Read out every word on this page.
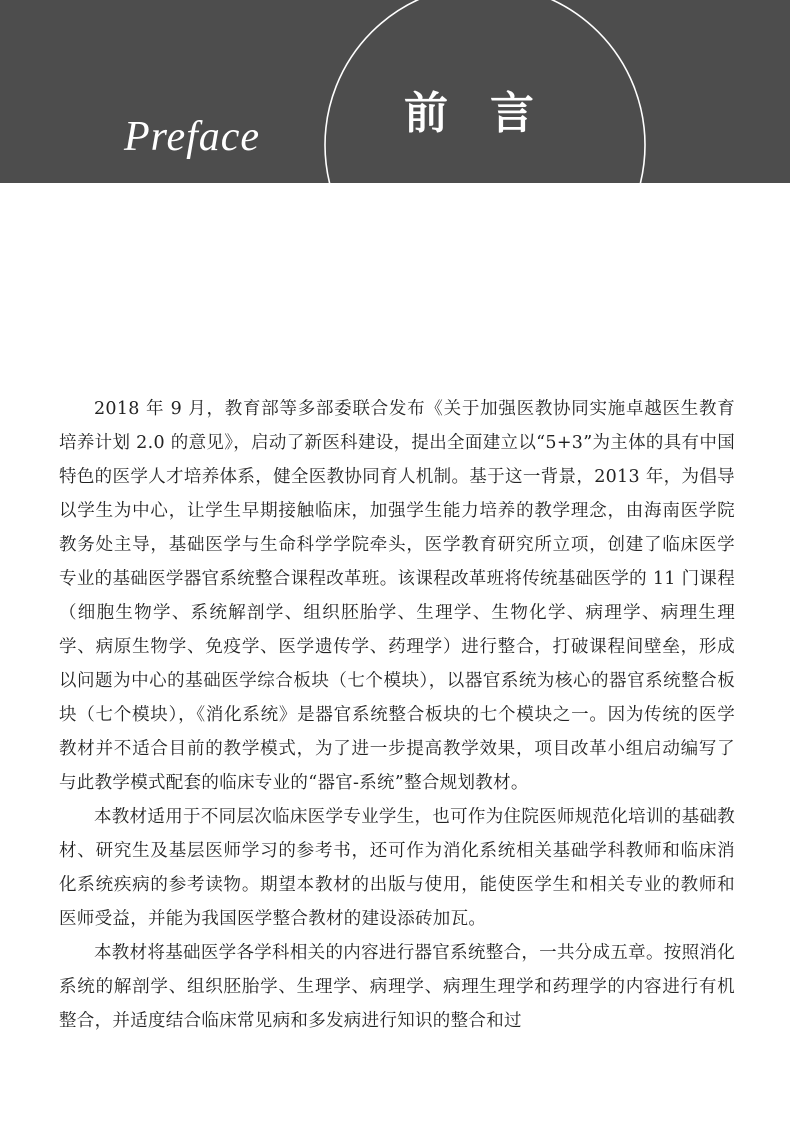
Preface	前言

2018 年 9 月，教育部等多部委联合发布《关于加强医教协同实施卓越医生教育培养计划 2.0 的意见》，启动了新医科建设，提出全面建立以“5+3”为主体的具有中国特色的医学人才培养体系，健全医教协同育人机制。基于这一背景，2013 年，为倡导以学生为中心，让学生早期接触临床，加强学生能力培养的教学理念，由海南医学院教务处主导，基础医学与生命科学学院牵头，医学教育研究所立项，创建了临床医学专业的基础医学器官系统整合课程改革班。该课程改革班将传统基础医学的 11 门课程（细胞生物学、系统解剖学、组织胚胎学、生理学、生物化学、病理学、病理生理学、病原生物学、免疫学、医学遗传学、药理学）进行整合，打破课程间壁垒，形成以问题为中心的基础医学综合板块（七个模块），以器官系统为核心的器官系统整合板块（七个模块），《消化系统》是器官系统整合板块的七个模块之一。因为传统的医学教材并不适合目前的教学模式，为了进一步提高教学效果，项目改革小组启动编写了与此教学模式配套的临床专业的“器官-系统”整合规划教材。

本教材适用于不同层次临床医学专业学生，也可作为住院医师规范化培训的基础教材、研究生及基层医师学习的参考书，还可作为消化系统相关基础学科教师和临床消化系统疾病的参考读物。期望本教材的出版与使用，能使医学生和相关专业的教师和医师受益，并能为我国医学整合教材的建设添砖加瓦。

本教材将基础医学各学科相关的内容进行器官系统整合，一共分成五章。按照消化系统的解剖学、组织胚胎学、生理学、病理学、病理生理学和药理学的内容进行有机整合，并适度结合临床常见病和多发病进行知识的整合和过
